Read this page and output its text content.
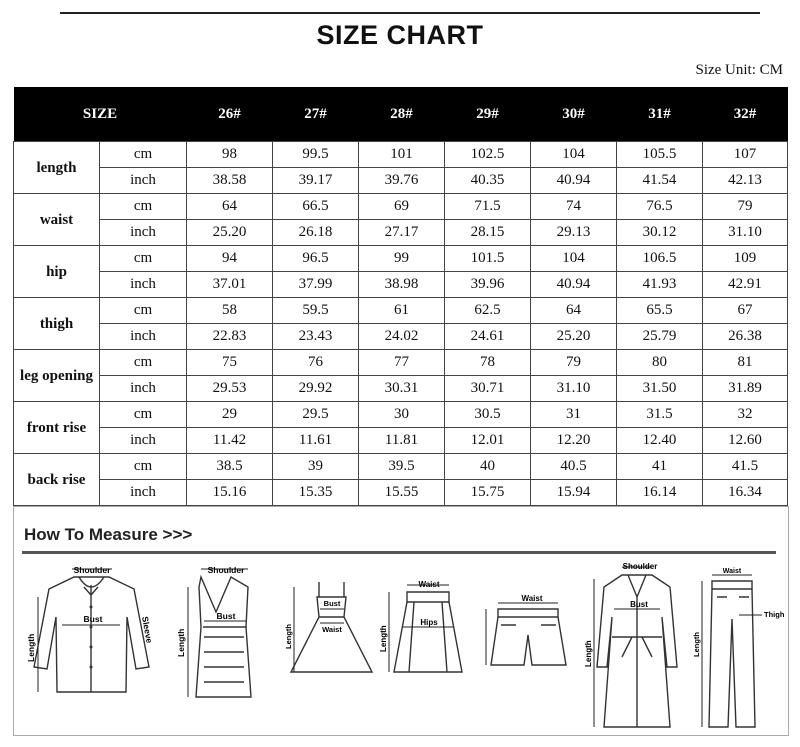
SIZE CHART
Size Unit: CM
SIZE		26#	27#	28#	29#	30#	31#	32#
length	cm	98	99.5	101	102.5	104	105.5	107
	inch	38.58	39.17	39.76	40.35	40.94	41.54	42.13
waist	cm	64	66.5	69	71.5	74	76.5	79
	inch	25.20	26.18	27.17	28.15	29.13	30.12	31.10
hip	cm	94	96.5	99	101.5	104	106.5	109
	inch	37.01	37.99	38.98	39.96	40.94	41.93	42.91
thigh	cm	58	59.5	61	62.5	64	65.5	67
	inch	22.83	23.43	24.02	24.61	25.20	25.79	26.38
leg opening	cm	75	76	77	78	79	80	81
	inch	29.53	29.92	30.31	30.71	31.10	31.50	31.89
front rise	cm	29	29.5	30	30.5	31	31.5	32
	inch	11.42	11.61	11.81	12.01	12.20	12.40	12.60
back rise	cm	38.5	39	39.5	40	40.5	41	41.5
	inch	15.16	15.35	15.55	15.75	15.94	16.14	16.34
How To Measure >>>
Shoulder
Bust	Sleeve
Length
Shoulder
Bust
Length
Bust
Waist
Length
Waist
Hips
Length
Waist
Shoulder
Bust
Length
Waist
Thigh
Length
